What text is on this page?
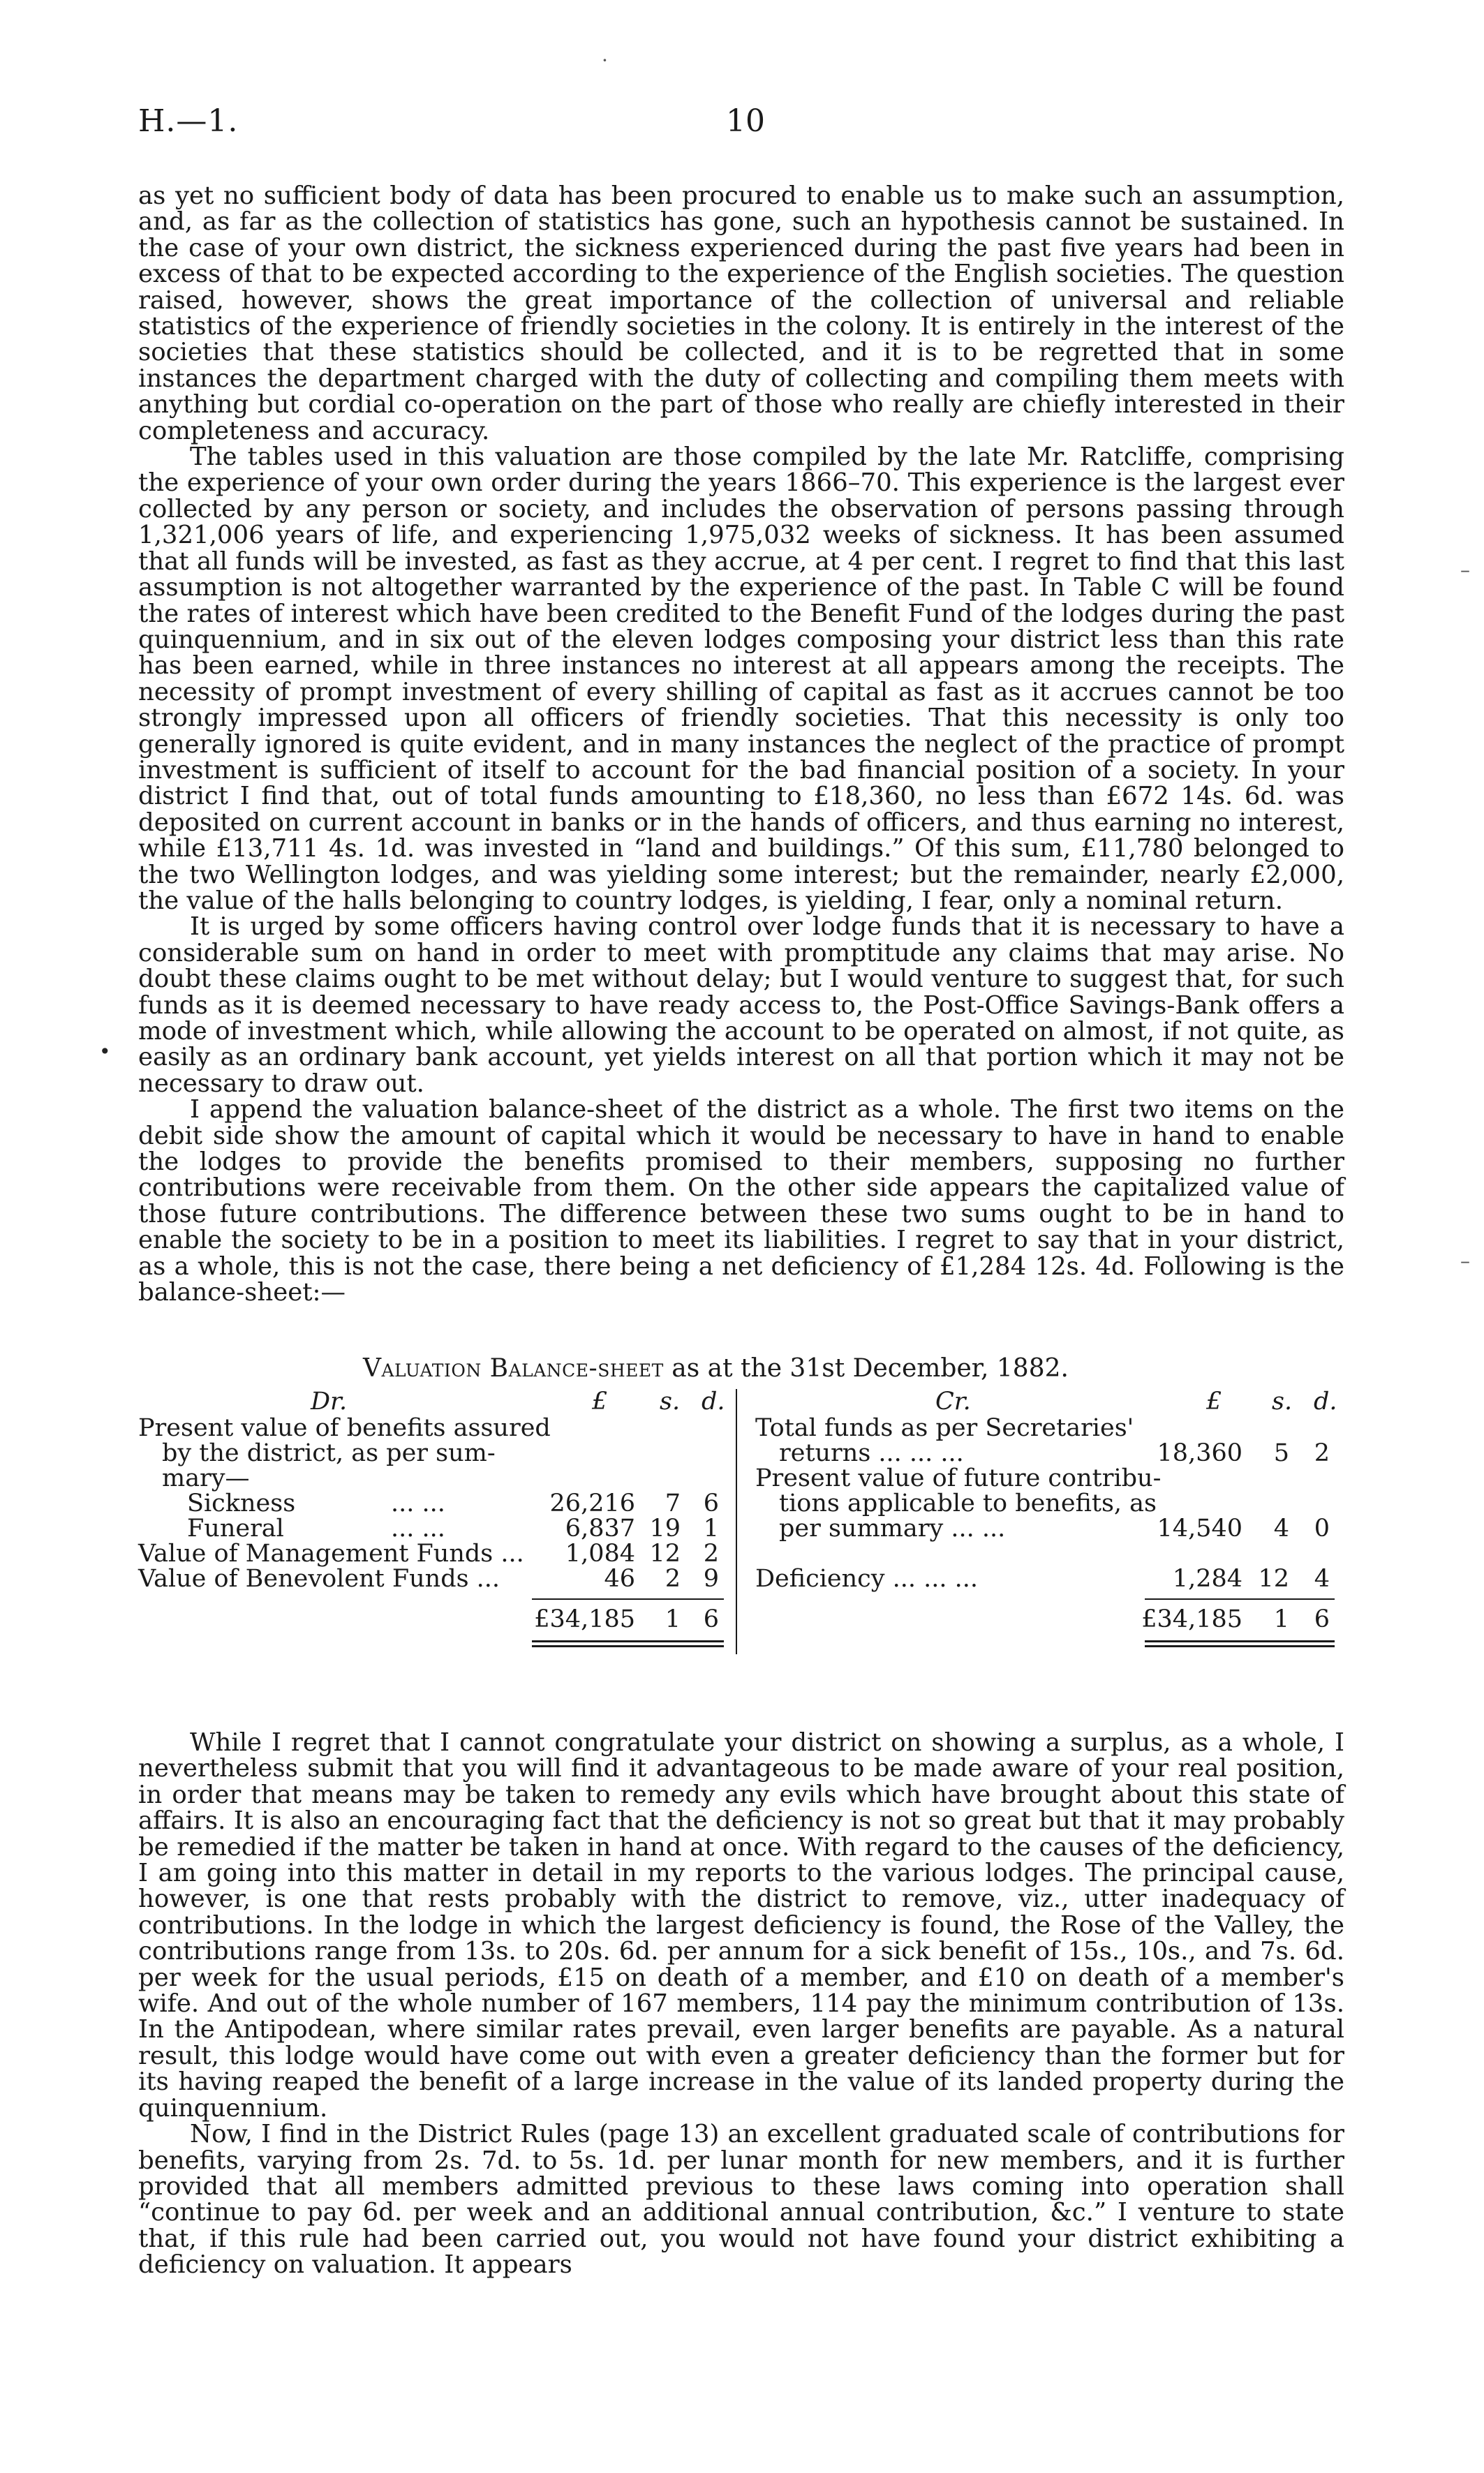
H.—1.	10

as yet no sufficient body of data has been procured to enable us to make such an assumption, and, as far as the collection of statistics has gone, such an hypothesis cannot be sustained. In the case of your own district, the sickness experienced during the past five years had been in excess of that to be expected according to the experience of the English societies. The question raised, however, shows the great importance of the collection of universal and reliable statistics of the experience of friendly societies in the colony. It is entirely in the interest of the societies that these statistics should be collected, and it is to be regretted that in some instances the department charged with the duty of collecting and compiling them meets with anything but cordial co-operation on the part of those who really are chiefly interested in their completeness and accuracy.

The tables used in this valuation are those compiled by the late Mr. Ratcliffe, comprising the experience of your own order during the years 1866–70. This experience is the largest ever collected by any person or society, and includes the observation of persons passing through 1,321,006 years of life, and experiencing 1,975,032 weeks of sickness. It has been assumed that all funds will be invested, as fast as they accrue, at 4 per cent. I regret to find that this last assumption is not altogether warranted by the experience of the past. In Table C will be found the rates of interest which have been credited to the Benefit Fund of the lodges during the past quinquennium, and in six out of the eleven lodges composing your district less than this rate has been earned, while in three instances no interest at all appears among the receipts. The necessity of prompt investment of every shilling of capital as fast as it accrues cannot be too strongly impressed upon all officers of friendly societies. That this necessity is only too generally ignored is quite evident, and in many instances the neglect of the practice of prompt investment is sufficient of itself to account for the bad financial position of a society. In your district I find that, out of total funds amounting to £18,360, no less than £672 14s. 6d. was deposited on current account in banks or in the hands of officers, and thus earning no interest, while £13,711 4s. 1d. was invested in “land and buildings.” Of this sum, £11,780 belonged to the two Wellington lodges, and was yielding some interest; but the remainder, nearly £2,000, the value of the halls belonging to country lodges, is yielding, I fear, only a nominal return.

It is urged by some officers having control over lodge funds that it is necessary to have a considerable sum on hand in order to meet with promptitude any claims that may arise. No doubt these claims ought to be met without delay; but I would venture to suggest that, for such funds as it is deemed necessary to have ready access to, the Post-Office Savings-Bank offers a mode of investment which, while allowing the account to be operated on almost, if not quite, as easily as an ordinary bank account, yet yields interest on all that portion which it may not be necessary to draw out.

I append the valuation balance-sheet of the district as a whole. The first two items on the debit side show the amount of capital which it would be necessary to have in hand to enable the lodges to provide the benefits promised to their members, supposing no further contributions were receivable from them. On the other side appears the capitalized value of those future contributions. The difference between these two sums ought to be in hand to enable the society to be in a position to meet its liabilities. I regret to say that in your district, as a whole, this is not the case, there being a net deficiency of £1,284 12s. 4d. Following is the balance-sheet:—

Valuation Balance-sheet as at the 31st December, 1882.
Dr.	£ s. d.
Present value of benefits assured
by the district, as per sum-
mary—
Sickness	... ...	26,216	7 6
Funeral	... ...	6,837 19 1
Value of Management Funds ...	1,084 12 2
Value of Benevolent Funds ...	46	2 9
£34,185	1 6
Cr.	£ s. d.
Total funds as per Secretaries'
returns ... ... ...	18,360	5	2
Present value of future contribu-
tions applicable to benefits, as
per summary ... ...	14,540	4	0
Deficiency ... ... ...	1,284 12	4
£34,185	1	6

While I regret that I cannot congratulate your district on showing a surplus, as a whole, I nevertheless submit that you will find it advantageous to be made aware of your real position, in order that means may be taken to remedy any evils which have brought about this state of affairs. It is also an encouraging fact that the deficiency is not so great but that it may probably be remedied if the matter be taken in hand at once. With regard to the causes of the deficiency, I am going into this matter in detail in my reports to the various lodges. The principal cause, however, is one that rests probably with the district to remove, viz., utter inadequacy of contributions. In the lodge in which the largest deficiency is found, the Rose of the Valley, the contributions range from 13s. to 20s. 6d. per annum for a sick benefit of 15s., 10s., and 7s. 6d. per week for the usual periods, £15 on death of a member, and £10 on death of a member's wife. And out of the whole number of 167 members, 114 pay the minimum contribution of 13s. In the Antipodean, where similar rates prevail, even larger benefits are payable. As a natural result, this lodge would have come out with even a greater deficiency than the former but for its having reaped the benefit of a large increase in the value of its landed property during the quinquennium.

Now, I find in the District Rules (page 13) an excellent graduated scale of contributions for benefits, varying from 2s. 7d. to 5s. 1d. per lunar month for new members, and it is further provided that all members admitted previous to these laws coming into operation shall “continue to pay 6d. per week and an additional annual contribution, &c.” I venture to state that, if this rule had been carried out, you would not have found your district exhibiting a deficiency on valuation. It appears

·
–
–
•
